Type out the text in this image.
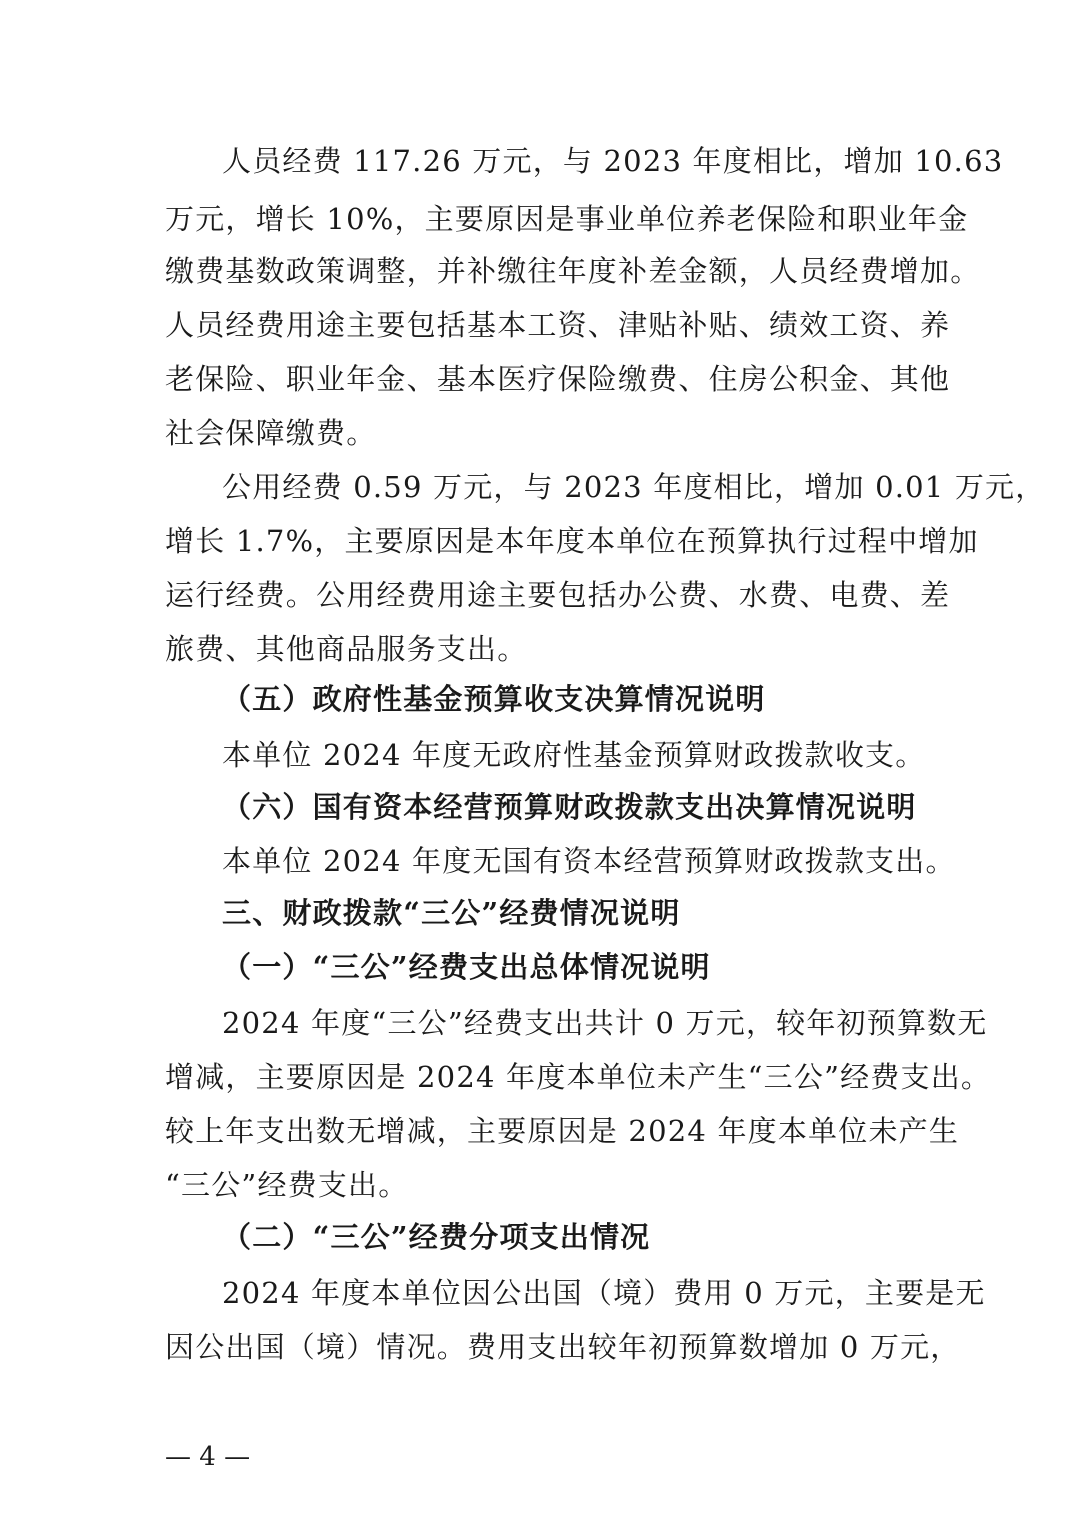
人员经费 117.26 万元，与 2023 年度相比，增加 10.63
万元，增长 10%，主要原因是事业单位养老保险和职业年金
缴费基数政策调整，并补缴往年度补差金额，人员经费增加。
人员经费用途主要包括基本工资、津贴补贴、绩效工资、养
老保险、职业年金、基本医疗保险缴费、住房公积金、其他
社会保障缴费。
公用经费 0.59 万元，与 2023 年度相比，增加 0.01 万元，
增长 1.7%，主要原因是本年度本单位在预算执行过程中增加
运行经费。公用经费用途主要包括办公费、水费、电费、差
旅费、其他商品服务支出。
（五）政府性基金预算收支决算情况说明
本单位 2024 年度无政府性基金预算财政拨款收支。
（六）国有资本经营预算财政拨款支出决算情况说明
本单位 2024 年度无国有资本经营预算财政拨款支出。
三、财政拨款“三公”经费情况说明
（一）“三公”经费支出总体情况说明
2024 年度“三公”经费支出共计 0 万元，较年初预算数无
增减，主要原因是 2024 年度本单位未产生“三公”经费支出。
较上年支出数无增减，主要原因是 2024 年度本单位未产生
“三公”经费支出。
（二）“三公”经费分项支出情况
2024 年度本单位因公出国（境）费用 0 万元，主要是无
因公出国（境）情况。费用支出较年初预算数增加 0 万元，
— 4 —
